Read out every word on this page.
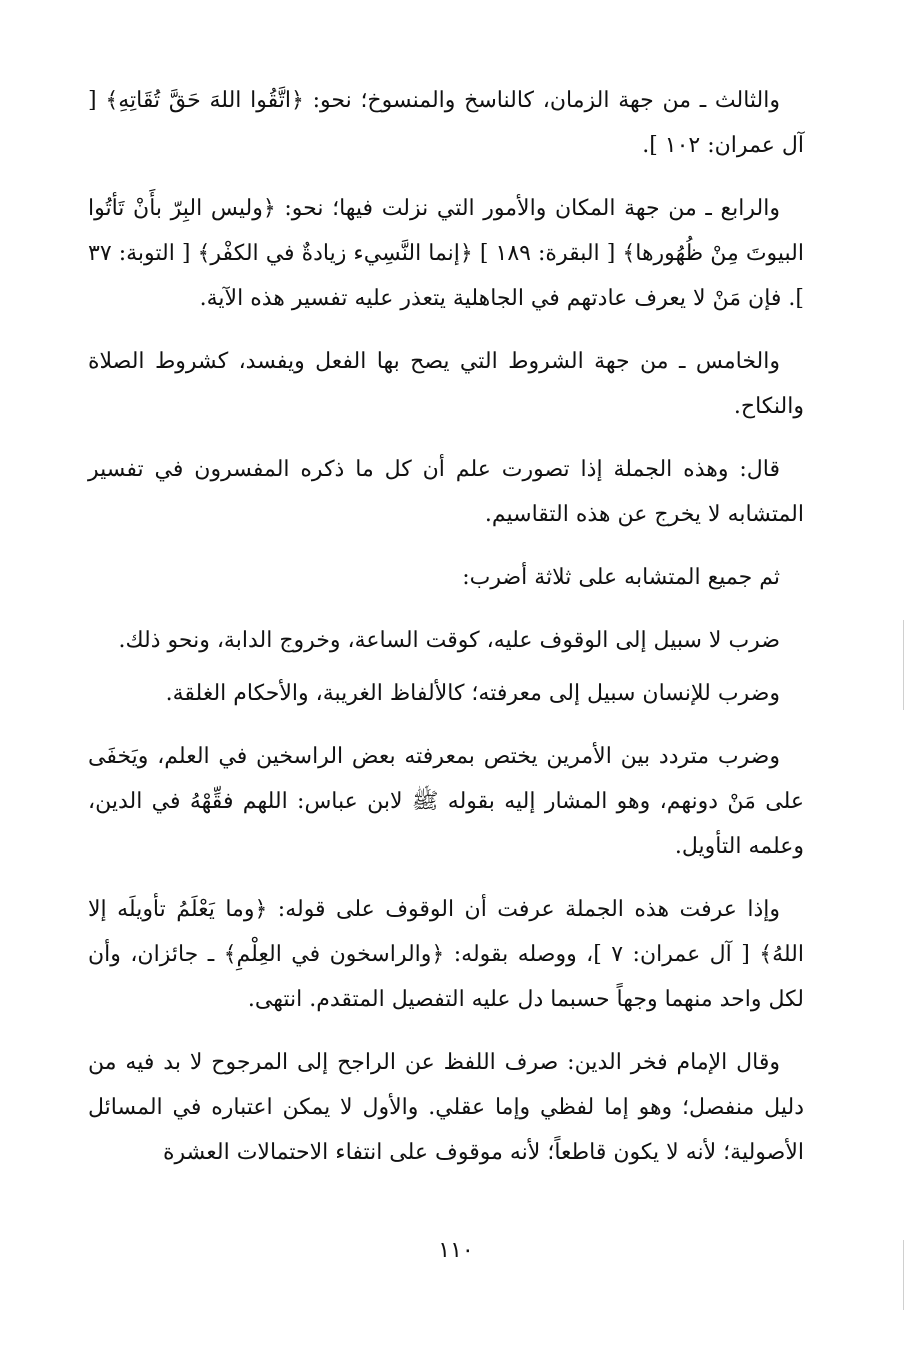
والثالث ـ من جهة الزمان، كالناسخ والمنسوخ؛ نحو: ﴿اتَّقُوا اللهَ حَقَّ تُقَاتِهِ﴾ [ آل عمران: ١٠٢ ].

والرابع ـ من جهة المكان والأمور التي نزلت فيها؛ نحو: ﴿وليس البِرّ بأَنْ تَأتُوا البيوتَ مِنْ ظُهُورها﴾ [ البقرة: ١٨٩ ] ﴿إنما النَّسِيء زيادةٌ في الكفْر﴾ [ التوبة: ٣٧ ]. فإن مَنْ لا يعرف عادتهم في الجاهلية يتعذر عليه تفسير هذه الآية.

والخامس ـ من جهة الشروط التي يصح بها الفعل ويفسد، كشروط الصلاة والنكاح.

قال: وهذه الجملة إذا تصورت علم أن كل ما ذكره المفسرون في تفسير المتشابه لا يخرج عن هذه التقاسيم.

ثم جميع المتشابه على ثلاثة أضرب:

ضرب لا سبيل إلى الوقوف عليه، كوقت الساعة، وخروج الدابة، ونحو ذلك.

وضرب للإنسان سبيل إلى معرفته؛ كالألفاظ الغريبة، والأحكام الغلقة.

وضرب متردد بين الأمرين يختص بمعرفته بعض الراسخين في العلم، ويَخفَى على مَنْ دونهم، وهو المشار إليه بقوله ﷺ لابن عباس: اللهم فقِّهْهُ في الدين، وعلمه التأويل.

وإذا عرفت هذه الجملة عرفت أن الوقوف على قوله: ﴿وما يَعْلَمُ تأويلَه إلا اللهُ﴾ [ آل عمران: ٧ ]، ووصله بقوله: ﴿والراسخون في العِلْمِ﴾ ـ جائزان، وأن لكل واحد منهما وجهاً حسبما دل عليه التفصيل المتقدم. انتهى.

وقال الإمام فخر الدين: صرف اللفظ عن الراجح إلى المرجوح لا بد فيه من دليل منفصل؛ وهو إما لفظي وإما عقلي. والأول لا يمكن اعتباره في المسائل الأصولية؛ لأنه لا يكون قاطعاً؛ لأنه موقوف على انتفاء الاحتمالات العشرة

١١٠
